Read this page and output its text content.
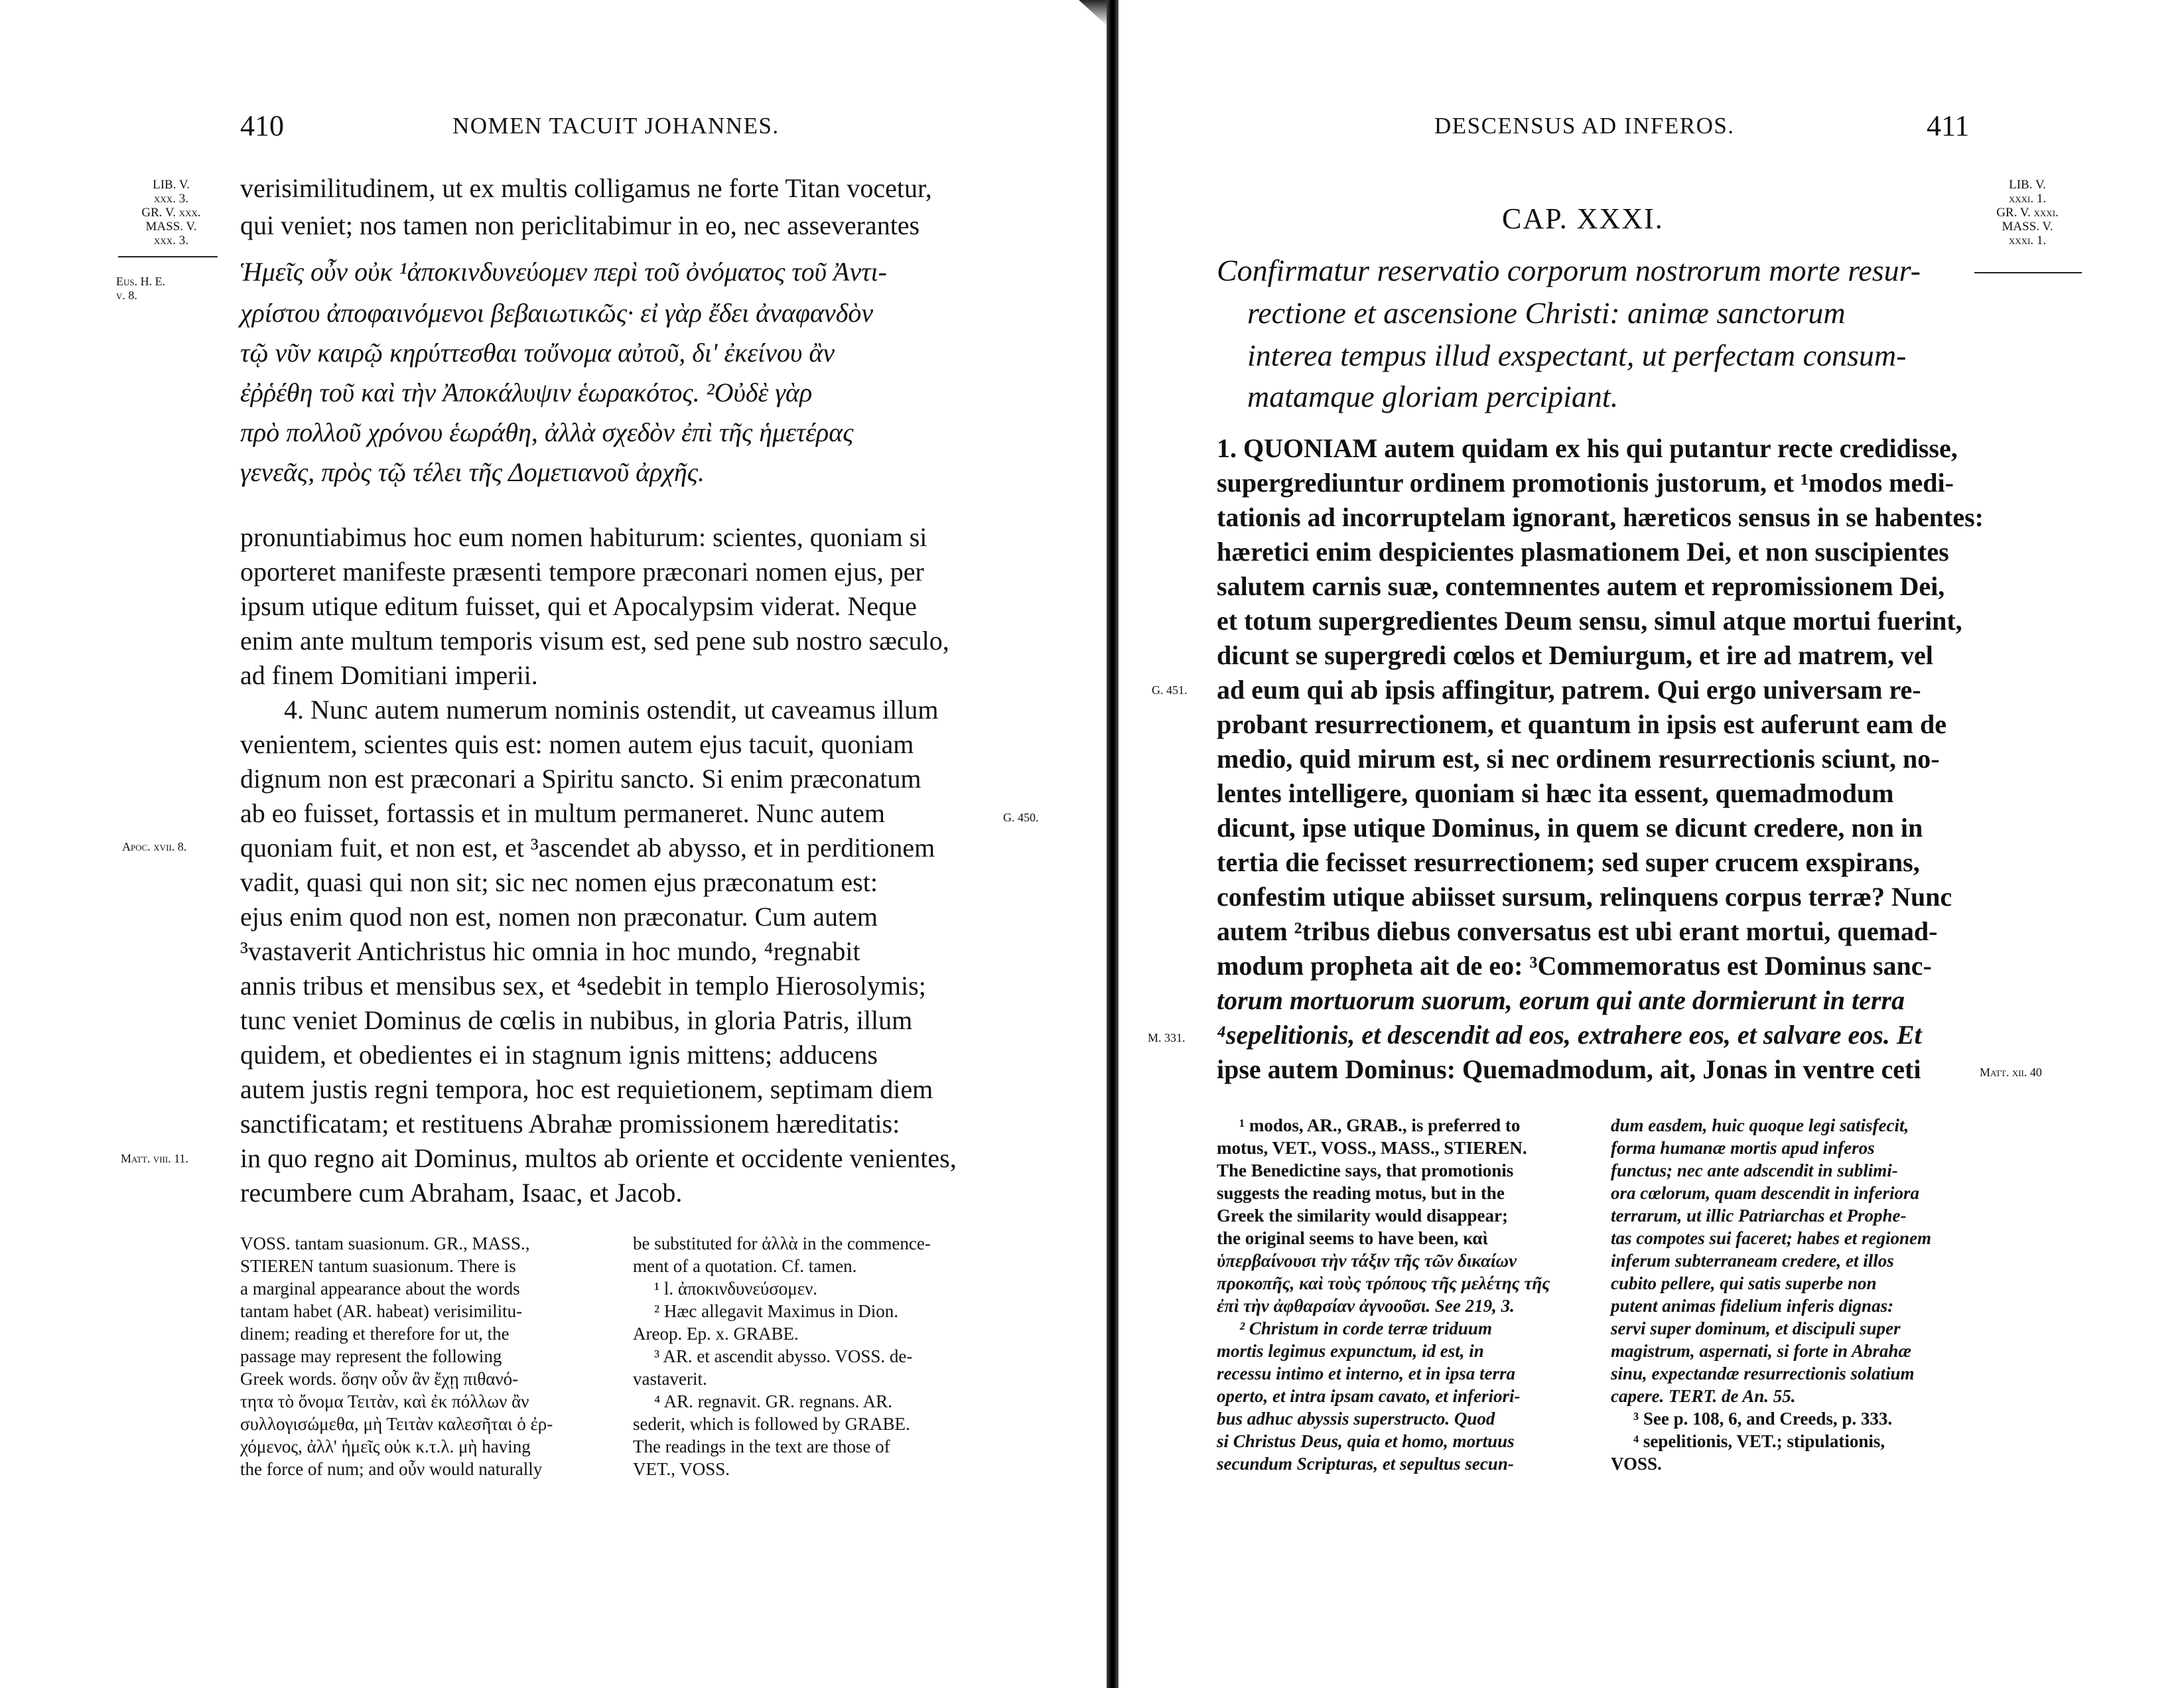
410	NOMEN TACUIT JOHANNES.
LIB. V.
xxx. 3.
GR. V. xxx.
MASS. V.
xxx. 3.
Eus. H. E.
v. 8.
G. 450.
Apoc. xvii. 8.
Matt. viii. 11.
verisimilitudinem, ut ex multis colligamus ne forte Titan vocetur,
qui veniet; nos tamen non periclitabimur in eo, nec asseverantes
Ἡμεῖς οὖν οὐκ ¹ἀποκινδυνεύομεν περὶ τοῦ ὀνόματος τοῦ Ἀντι-
χρίστου ἀποφαινόμενοι βεβαιωτικῶς· εἰ γὰρ ἔδει ἀναφανδὸν
τῷ νῦν καιρῷ κηρύττεσθαι τοὔνομα αὐτοῦ, δι' ἐκείνου ἂν
ἐῤῥέθη τοῦ καὶ τὴν Ἀποκάλυψιν ἑωρακότος. ²Οὐδὲ γὰρ
πρὸ πολλοῦ χρόνου ἑωράθη, ἀλλὰ σχεδὸν ἐπὶ τῆς ἡμετέρας
γενεᾶς, πρὸς τῷ τέλει τῆς Δομετιανοῦ ἀρχῆς.
pronuntiabimus hoc eum nomen habiturum: scientes, quoniam si
oporteret manifeste præsenti tempore præconari nomen ejus, per
ipsum utique editum fuisset, qui et Apocalypsim viderat. Neque
enim ante multum temporis visum est, sed pene sub nostro sæculo,
ad finem Domitiani imperii.
4. Nunc autem numerum nominis ostendit, ut caveamus illum
venientem, scientes quis est: nomen autem ejus tacuit, quoniam
dignum non est præconari a Spiritu sancto. Si enim præconatum
ab eo fuisset, fortassis et in multum permaneret. Nunc autem
quoniam fuit, et non est, et ³ascendet ab abysso, et in perditionem
vadit, quasi qui non sit; sic nec nomen ejus præconatum est:
ejus enim quod non est, nomen non præconatur. Cum autem
³vastaverit Antichristus hic omnia in hoc mundo, ⁴regnabit
annis tribus et mensibus sex, et ⁴sedebit in templo Hierosolymis;
tunc veniet Dominus de cœlis in nubibus, in gloria Patris, illum
quidem, et obedientes ei in stagnum ignis mittens; adducens
autem justis regni tempora, hoc est requietionem, septimam diem
sanctificatam; et restituens Abrahæ promissionem hæreditatis:
in quo regno ait Dominus, multos ab oriente et occidente venientes,
recumbere cum Abraham, Isaac, et Jacob.
VOSS. tantam suasionum. GR., MASS.,
STIEREN tantum suasionum. There is
a marginal appearance about the words
tantam habet (AR. habeat) verisimilitu-
dinem; reading et therefore for ut, the
passage may represent the following
Greek words. ὅσην οὖν ἂν ἔχῃ πιθανό-
τητα τὸ ὄνομα Τειτὰν, καὶ ἐκ πόλλων ἂν
συλλογισώμεθα, μὴ Τειτὰν καλεσῆται ὁ ἐρ-
χόμενος, ἀλλ' ἡμεῖς οὐκ κ.τ.λ. μὴ having
the force of num; and οὖν would naturally
be substituted for ἀλλὰ in the commence-
ment of a quotation. Cf. tamen.
¹ l. ἀποκινδυνεύσομεν.
² Hæc allegavit Maximus in Dion.
Areop. Ep. x. GRABE.
³ AR. et ascendit abysso. VOSS. de-
vastaverit.
⁴ AR. regnavit. GR. regnans. AR.
sederit, which is followed by GRABE.
The readings in the text are those of
VET., VOSS.
DESCENSUS AD INFEROS.	411
LIB. V.
xxxi. 1.
GR. V. xxxi.
MASS. V.
xxxi. 1.
G. 451.
M. 331.
Matt. xii. 40
CAP. XXXI.
Confirmatur reservatio corporum nostrorum morte resur-
rectione et ascensione Christi: animæ sanctorum
interea tempus illud exspectant, ut perfectam consum-
matamque gloriam percipiant.
1. QUONIAM autem quidam ex his qui putantur recte credidisse,
supergrediuntur ordinem promotionis justorum, et ¹modos medi-
tationis ad incorruptelam ignorant, hæreticos sensus in se habentes:
hæretici enim despicientes plasmationem Dei, et non suscipientes
salutem carnis suæ, contemnentes autem et repromissionem Dei,
et totum supergredientes Deum sensu, simul atque mortui fuerint,
dicunt se supergredi cœlos et Demiurgum, et ire ad matrem, vel
ad eum qui ab ipsis affingitur, patrem. Qui ergo universam re-
probant resurrectionem, et quantum in ipsis est auferunt eam de
medio, quid mirum est, si nec ordinem resurrectionis sciunt, no-
lentes intelligere, quoniam si hæc ita essent, quemadmodum
dicunt, ipse utique Dominus, in quem se dicunt credere, non in
tertia die fecisset resurrectionem; sed super crucem exspirans,
confestim utique abiisset sursum, relinquens corpus terræ? Nunc
autem ²tribus diebus conversatus est ubi erant mortui, quemad-
modum propheta ait de eo: ³Commemoratus est Dominus sanc-
torum mortuorum suorum, eorum qui ante dormierunt in terra
⁴sepelitionis, et descendit ad eos, extrahere eos, et salvare eos. Et
ipse autem Dominus: Quemadmodum, ait, Jonas in ventre ceti
¹ modos, AR., GRAB., is preferred to
motus, VET., VOSS., MASS., STIEREN.
The Benedictine says, that promotionis
suggests the reading motus, but in the
Greek the similarity would disappear;
the original seems to have been, καὶ
ὑπερβαίνουσι τὴν τάξιν τῆς τῶν δικαίων
προκοπῆς, καὶ τοὺς τρόπους τῆς μελέτης τῆς
ἐπὶ τὴν ἀφθαρσίαν ἀγνοοῦσι. See 219, 3.
² Christum in corde terræ triduum
mortis legimus expunctum, id est, in
recessu intimo et interno, et in ipsa terra
operto, et intra ipsam cavato, et inferiori-
bus adhuc abyssis superstructo. Quod
si Christus Deus, quia et homo, mortuus
secundum Scripturas, et sepultus secun-
dum easdem, huic quoque legi satisfecit,
forma humanæ mortis apud inferos
functus; nec ante adscendit in sublimi-
ora cœlorum, quam descendit in inferiora
terrarum, ut illic Patriarchas et Prophe-
tas compotes sui faceret; habes et regionem
inferum subterraneam credere, et illos
cubito pellere, qui satis superbe non
putent animas fidelium inferis dignas:
servi super dominum, et discipuli super
magistrum, aspernati, si forte in Abrahæ
sinu, expectandæ resurrectionis solatium
capere. TERT. de An. 55.
³ See p. 108, 6, and Creeds, p. 333.
⁴ sepelitionis, VET.; stipulationis,
VOSS.
